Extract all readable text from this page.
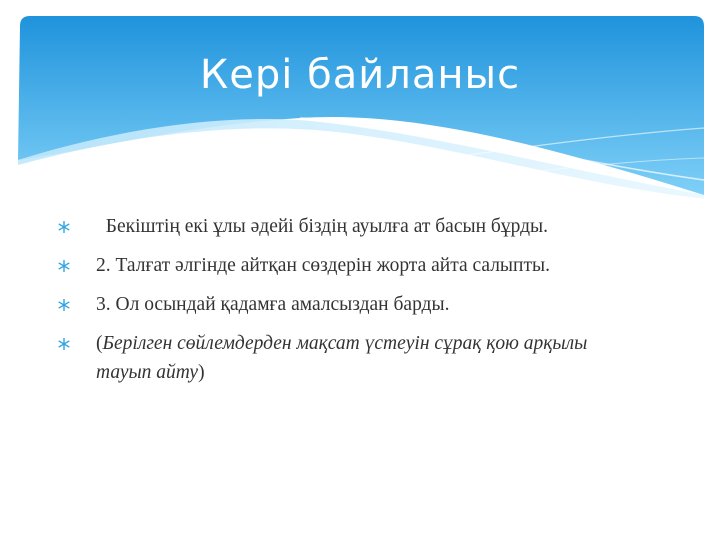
Кері байланыс
Бекіштің екі ұлы әдейі біздің ауылға ат басын бұрды.
2. Талғат әлгінде айтқан сөздерін жорта айта салыпты.
3. Ол осындай қадамға амалсыздан барды.
(Берілген сөйлемдерден мақсат үстеуін сұрақ қою арқылы тауып айту)
